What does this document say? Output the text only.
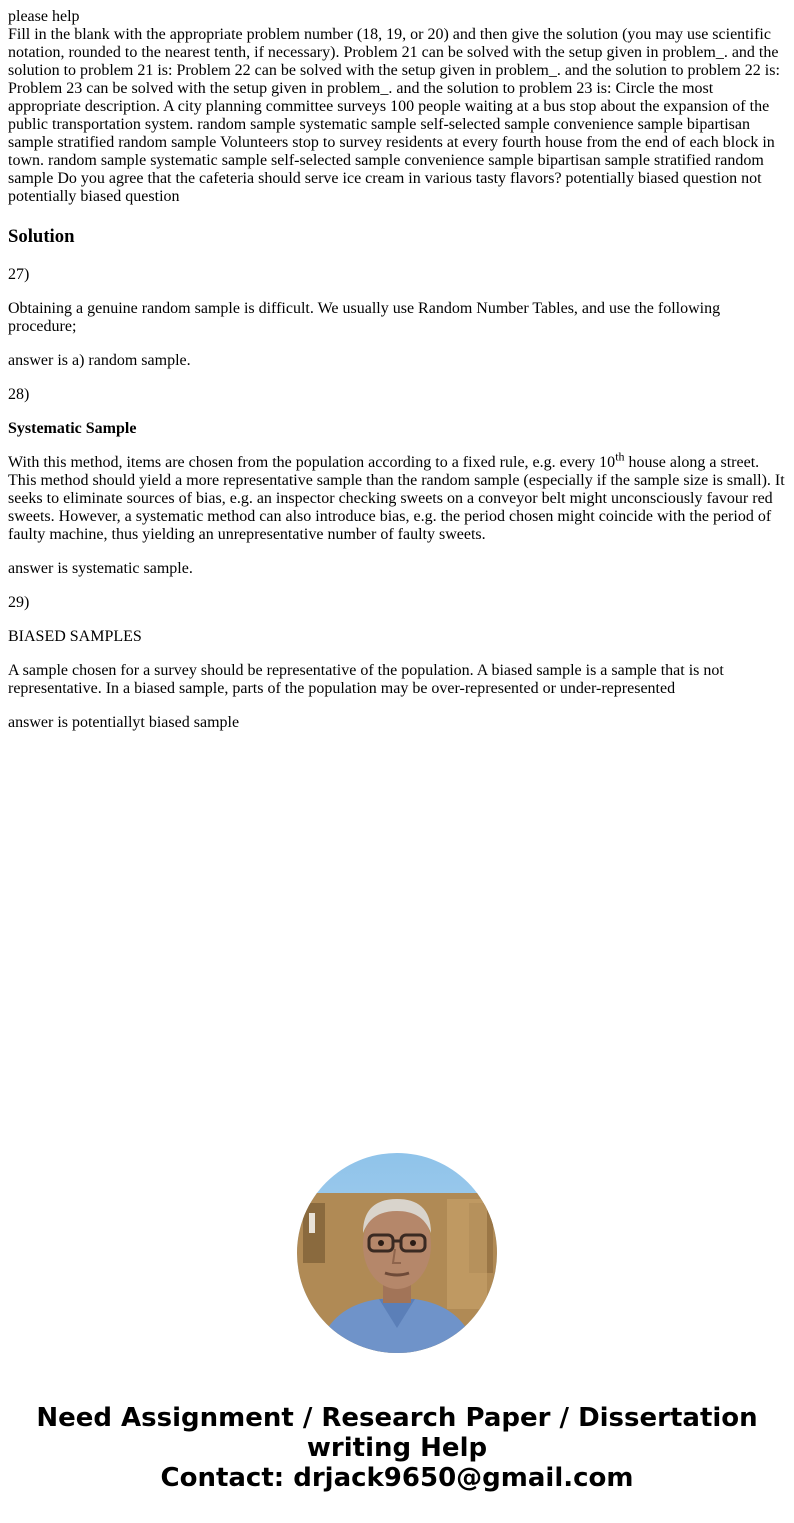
please help
Fill in the blank with the appropriate problem number (18, 19, or 20) and then give the solution (you may use scientific notation, rounded to the nearest tenth, if necessary). Problem 21 can be solved with the setup given in problem_. and the solution to problem 21 is: Problem 22 can be solved with the setup given in problem_. and the solution to problem 22 is: Problem 23 can be solved with the setup given in problem_. and the solution to problem 23 is: Circle the most appropriate description. A city planning committee surveys 100 people waiting at a bus stop about the expansion of the public transportation system. random sample systematic sample self-selected sample convenience sample bipartisan sample stratified random sample Volunteers stop to survey residents at every fourth house from the end of each block in town. random sample systematic sample self-selected sample convenience sample bipartisan sample stratified random sample Do you agree that the cafeteria should serve ice cream in various tasty flavors? potentially biased question not potentially biased question
Solution

27)

Obtaining a genuine random sample is difficult. We usually use Random Number Tables, and use the following procedure;

answer is a) random sample.

28)

Systematic Sample

With this method, items are chosen from the population according to a fixed rule, e.g. every 10th house along a street. This method should yield a more representative sample than the random sample (especially if the sample size is small). It seeks to eliminate sources of bias, e.g. an inspector checking sweets on a conveyor belt might unconsciously favour red sweets. However, a systematic method can also introduce bias, e.g. the period chosen might coincide with the period of faulty machine, thus yielding an unrepresentative number of faulty sweets.

answer is systematic sample.

29)

BIASED SAMPLES

A sample chosen for a survey should be representative of the population. A biased sample is a sample that is not representative. In a biased sample, parts of the population may be over-represented or under-represented

answer is potentiallyt biased sample

Need Assignment / Research Paper / Dissertation
writing Help
Contact: drjack9650@gmail.com
